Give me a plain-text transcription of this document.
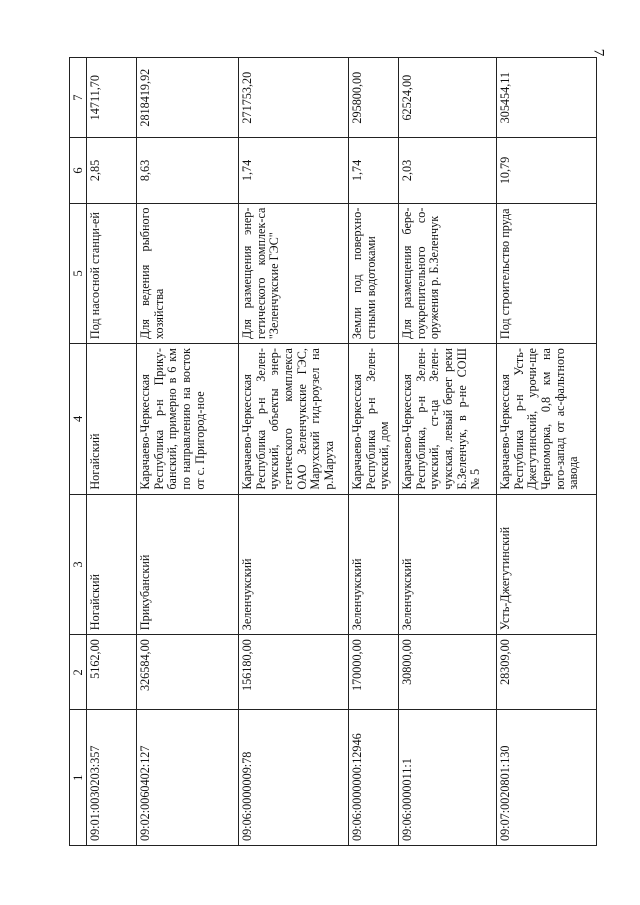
7
1	2	3	4	5	6	7
09:01:0030203:357	5162,00	Ногайский	Ногайский	Под насосной станци-ей	2,85	14711,70
09:02:0060402:127	326584,00	Прикубанский	Карачаево-Черкесская Республика р-н Прику-банский, примерно в 6 км по направлению на восток от с. Пригород-ное	Для ведения рыбного хозяйства	8,63	2818419,92
09:06:0000009:78	156180,00	Зеленчукский	Карачаево-Черкесская Республика р-н Зелен-чукский, объекты энер-гетического комплекса ОАО Зеленчукские ГЭС, Марухский гид-роузел на р.Маруха	Для размещения энер-гетического комплек-са "Зеленчукские ГЭС"	1,74	271753,20
09:06:0000000:12946	170000,00	Зеленчукский	Карачаево-Черкесская Республика р-н Зелен-чукский, дом	Земли под поверхно-стными водотоками	1,74	295800,00
09:06:0000011:1	30800,00	Зеленчукский	Карачаево-Черкесская Республика, р-н Зелен-чукский, ст-ца Зелен-чукская, левый берег реки Б.Зеленчук, в р-не СОШ № 5	Для размещения бере-гоукрепительного со-оружения р. Б.Зеленчук	2,03	62524,00
09:07:0020801:130	28309,00	Усть-Джегутинский	Карачаево-Черкесская Республика р-н Усть-Джегутинский, урочи-ще Черноморка, 0,8 км на юго-запад от ас-фальтного завода	Под строительство пруда	10,79	305454,11
